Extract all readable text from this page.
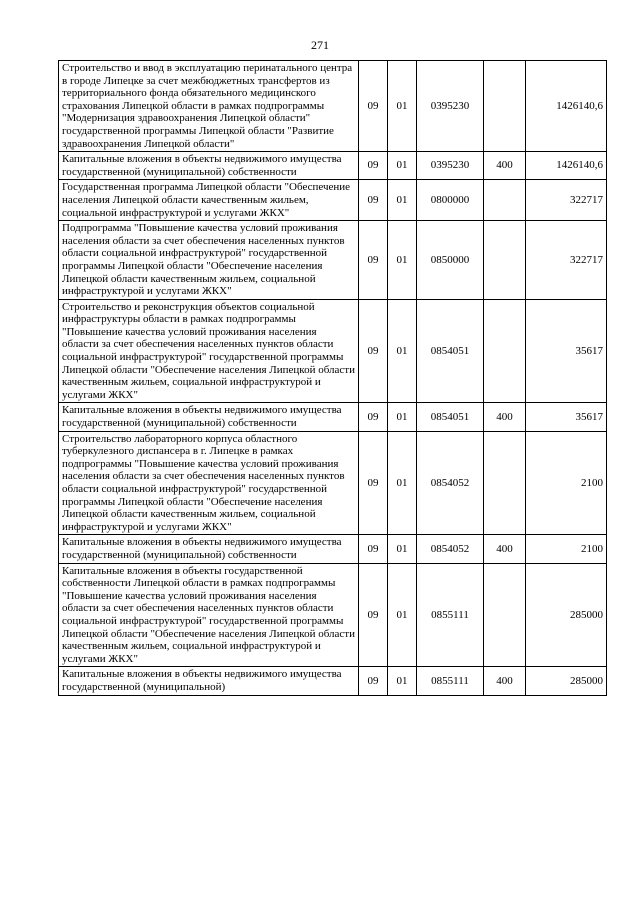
271
Строительство и ввод в эксплуатацию перинатального центра в городе Липецке за счет межбюджетных трансфертов из территориального фонда обязательного медицинского страхования Липецкой области в рамках подпрограммы "Модернизация здравоохранения Липецкой области" государственной программы Липецкой области "Развитие здравоохранения Липецкой области"	09	01	0395230		1426140,6
Капитальные вложения в объекты недвижимого имущества государственной (муниципальной) собственности	09	01	0395230	400	1426140,6
Государственная программа Липецкой области "Обеспечение населения Липецкой области качественным жильем, социальной инфраструктурой и услугами ЖКХ"	09	01	0800000		322717
Подпрограмма "Повышение качества условий проживания населения области за счет обеспечения населенных пунктов области социальной инфраструктурой" государственной программы Липецкой области "Обеспечение населения Липецкой области качественным жильем, социальной инфраструктурой и услугами ЖКХ"	09	01	0850000		322717
Строительство и реконструкция объектов социальной инфраструктуры области в рамках подпрограммы "Повышение качества условий проживания населения области за счет обеспечения населенных пунктов области социальной инфраструктурой" государственной программы Липецкой области "Обеспечение населения Липецкой области качественным жильем, социальной инфраструктурой и услугами ЖКХ"	09	01	0854051		35617
Капитальные вложения в объекты недвижимого имущества государственной (муниципальной) собственности	09	01	0854051	400	35617
Строительство лабораторного корпуса областного туберкулезного диспансера в г. Липецке в рамках подпрограммы "Повышение качества условий проживания населения области за счет обеспечения населенных пунктов области социальной инфраструктурой" государственной программы Липецкой области "Обеспечение населения Липецкой области качественным жильем, социальной инфраструктурой и услугами ЖКХ"	09	01	0854052		2100
Капитальные вложения в объекты недвижимого имущества государственной (муниципальной) собственности	09	01	0854052	400	2100
Капитальные вложения в объекты государственной собственности Липецкой области в рамках подпрограммы "Повышение качества условий проживания населения области за счет обеспечения населенных пунктов области социальной инфраструктурой" государственной программы Липецкой области "Обеспечение населения Липецкой области качественным жильем, социальной инфраструктурой и услугами ЖКХ"	09	01	0855111		285000
Капитальные вложения в объекты недвижимого имущества государственной (муниципальной)	09	01	0855111	400	285000
